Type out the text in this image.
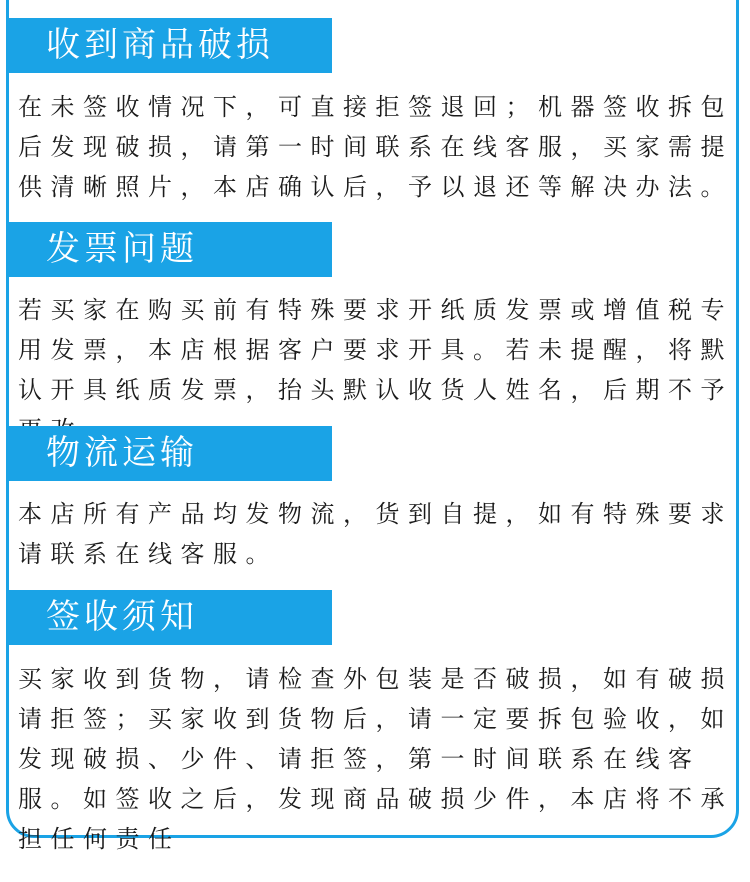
收到商品破损

在未签收情况下，可直接拒签退回；机器签收拆包后发现破损，请第一时间联系在线客服，买家需提供清晰照片，本店确认后，予以退还等解决办法。

发票问题

若买家在购买前有特殊要求开纸质发票或增值税专用发票，本店根据客户要求开具。若未提醒，将默认开具纸质发票，抬头默认收货人姓名，后期不予

物流运输

本店所有产品均发物流，货到自提，如有特殊要求请联系在线客服。

签收须知

买家收到货物，请检查外包装是否破损，如有破损请拒签；买家收到货物后，请一定要拆包验收，如发现破损、少件、请拒签，第一时间联系在线客服。如签收之后，发现商品破损少件，本店将不承担任何责任
